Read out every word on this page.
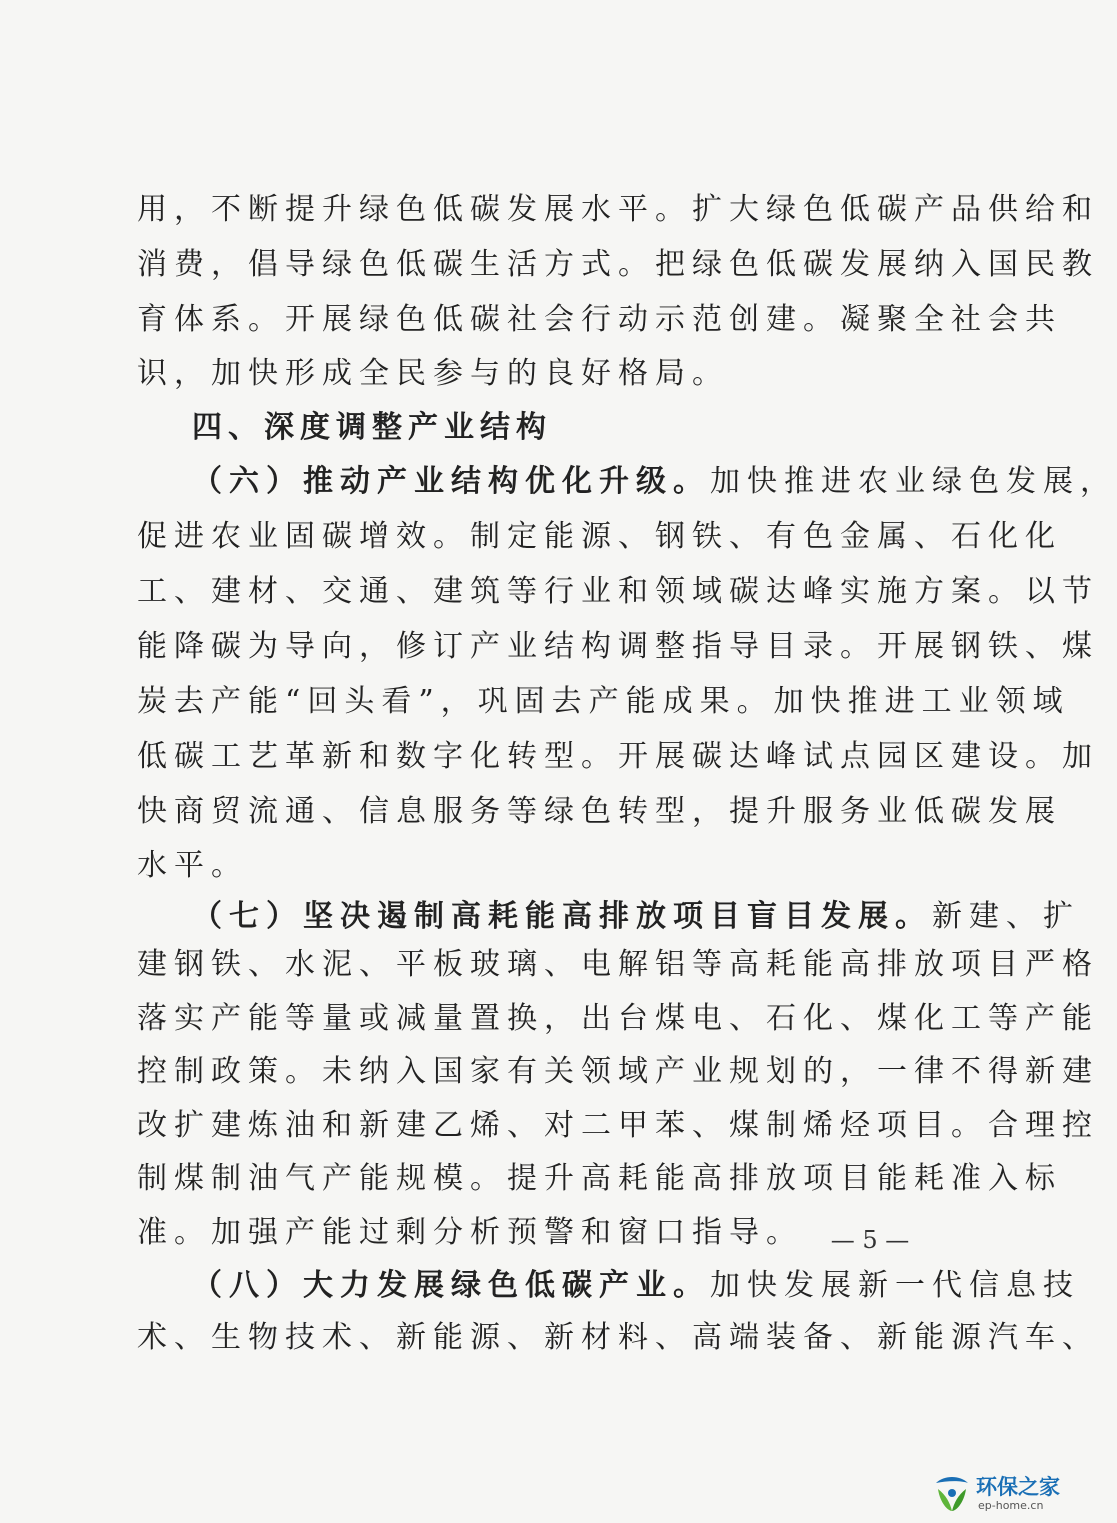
用，不断提升绿色低碳发展水平。扩大绿色低碳产品供给和
消费，倡导绿色低碳生活方式。把绿色低碳发展纳入国民教
育体系。开展绿色低碳社会行动示范创建。凝聚全社会共
识，加快形成全民参与的良好格局。
四、深度调整产业结构
（六）推动产业结构优化升级。加快推进农业绿色发展，
促进农业固碳增效。制定能源、钢铁、有色金属、石化化
工、建材、交通、建筑等行业和领域碳达峰实施方案。以节
能降碳为导向，修订产业结构调整指导目录。开展钢铁、煤
炭去产能“回头看”，巩固去产能成果。加快推进工业领域
低碳工艺革新和数字化转型。开展碳达峰试点园区建设。加
快商贸流通、信息服务等绿色转型，提升服务业低碳发展
水平。
（七）坚决遏制高耗能高排放项目盲目发展。新建、扩
建钢铁、水泥、平板玻璃、电解铝等高耗能高排放项目严格
落实产能等量或减量置换，出台煤电、石化、煤化工等产能
控制政策。未纳入国家有关领域产业规划的，一律不得新建
改扩建炼油和新建乙烯、对二甲苯、煤制烯烃项目。合理控
制煤制油气产能规模。提升高耗能高排放项目能耗准入标
准。加强产能过剩分析预警和窗口指导。
（八）大力发展绿色低碳产业。加快发展新一代信息技
术、生物技术、新能源、新材料、高端装备、新能源汽车、
— 5 —
环保之家
ep-home.cn
